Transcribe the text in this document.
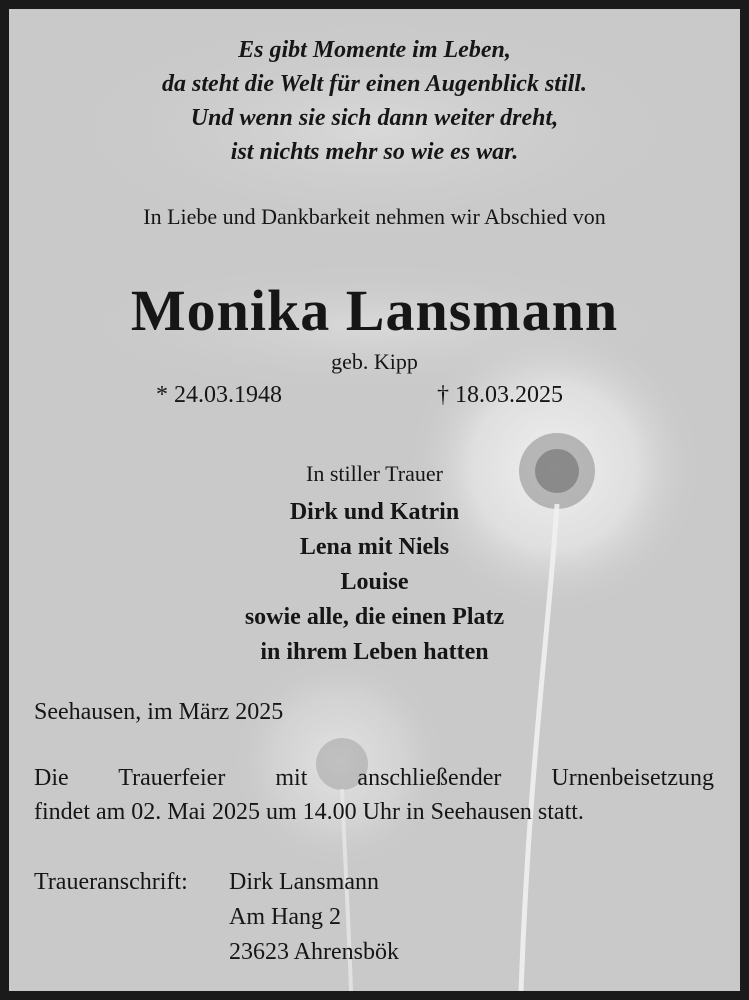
Es gibt Momente im Leben,
da steht die Welt für einen Augenblick still.
Und wenn sie sich dann weiter dreht,
ist nichts mehr so wie es war.
In Liebe und Dankbarkeit nehmen wir Abschied von
Monika Lansmann
geb. Kipp
* 24.03.1948	† 18.03.2025
In stiller Trauer
Dirk und Katrin
Lena mit Niels
Louise
sowie alle, die einen Platz
in ihrem Leben hatten
Seehausen, im März 2025
Die Trauerfeier mit anschließender Urnenbeisetzung
findet am 02. Mai 2025 um 14.00 Uhr in Seehausen statt.
Traueranschrift: Dirk Lansmann
Am Hang 2
23623 Ahrensbök
